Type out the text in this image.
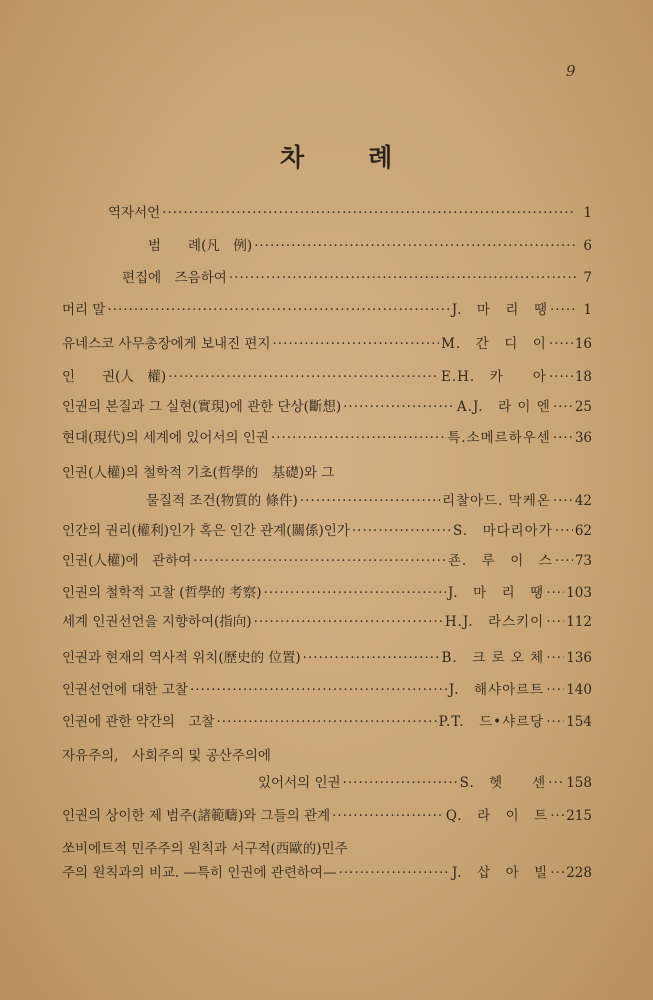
9
차 례
역자서언 ·····	1
범　　례(凡　例) ·····	6
편집에　즈음하여 ·····	7
머리 말 ·····	J.　마　리　땡 ·····	1
유네스코 사무총장에게 보내진 편지 ·····	M.　간　디　이 ····· 16
인　　권(人　權) ·····	E.H.　카　　아 ····· 18
인권의 본질과 그 실현(實現)에 관한 단상(斷想) ·····	A.J.　라 이 엔 ····· 25
현대(現代)의 세계에 있어서의 인권 ·····	특.소메르하우센 ····· 36
인권(人權)의 철학적 기초(哲學的　基礎)와 그
물질적 조건(物質的 條件) ·····	리찰아드. 막케온 ····· 42
인간의 권리(權利)인가 혹은 인간 관계(關係)인가 ·····	S.　마다리아가 ····· 62
인권(人權)에　관하여 ·····	죤.　루　이　스 ····· 73
인권의 철학적 고찰 (哲學的 考察) ·····	J.　마　리　땡 ····· 103
세계 인권선언을 지향하여(指向) ·····	H.J.　라스키이 ····· 112
인권과 현재의 역사적 위치(歷史的 位置) ·····	B.　크 로 오 체 ····· 136
인권선언에 대한 고찰 ·····	J.　해샤아르트 ····· 140
인권에 관한 약간의　고찰 ·····	P.T.　드•샤르당 ····· 154
자유주의,　사회주의 및 공산주의에
있어서의 인권 ·····	S.　헷　　센 ····· 158
인권의 상이한 제 범주(諸範疇)와 그들의 관계 ·····	Q.　라　이　트 ····· 215
쏘비에트적 민주주의 원칙과 서구적(西歐的)민주
주의 원칙과의 비교. —특히 인권에 관련하여— ·····	J.　삽　아　빌 ····· 228
